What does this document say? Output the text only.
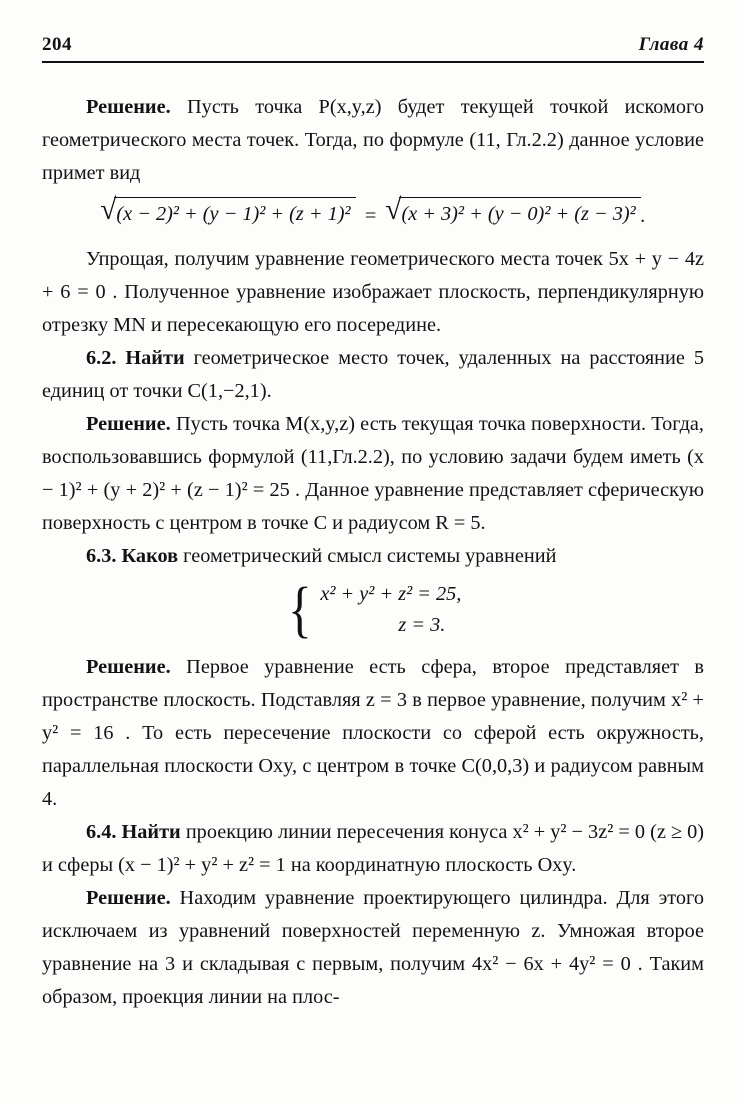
204	Глава 4

Решение. Пусть точка P(x,y,z) будет текущей точкой искомого геометрического места точек. Тогда, по формуле (11, Гл.2.2) данное условие примет вид

√ (x − 2)² + (y − 1)² + (z + 1)² = √ (x + 3)² + (y − 0)² + (z − 3)² .

Упрощая, получим уравнение геометрического места точек 5x + y − 4z + 6 = 0 . Полученное уравнение изображает плоскость, перпендикулярную отрезку MN и пересекающую его посередине.

6.2. Найти геометрическое место точек, удаленных на расстояние 5 единиц от точки C(1,−2,1).

Решение. Пусть точка M(x,y,z) есть текущая точка поверхности. Тогда, воспользовавшись формулой (11,Гл.2.2), по условию задачи будем иметь (x − 1)² + (y + 2)² + (z − 1)² = 25 . Данное уравнение представляет сферическую поверхность с центром в точке C и радиусом R = 5.

6.3. Каков геометрический смысл системы уравнений

{ x² + y² + z² = 25,
z = 3.

Решение. Первое уравнение есть сфера, второе представляет в пространстве плоскость. Подставляя z = 3 в первое уравнение, получим x² + y² = 16 . То есть пересечение плоскости со сферой есть окружность, параллельная плоскости Oxy, с центром в точке C(0,0,3) и радиусом равным 4.

6.4. Найти проекцию линии пересечения конуса x² + y² − 3z² = 0 (z ≥ 0) и сферы (x − 1)² + y² + z² = 1 на координатную плоскость Oxy.

Решение. Находим уравнение проектирующего цилиндра. Для этого исключаем из уравнений поверхностей переменную z. Умножая второе уравнение на 3 и складывая с первым, получим 4x² − 6x + 4y² = 0 . Таким образом, проекция линии на плос-
